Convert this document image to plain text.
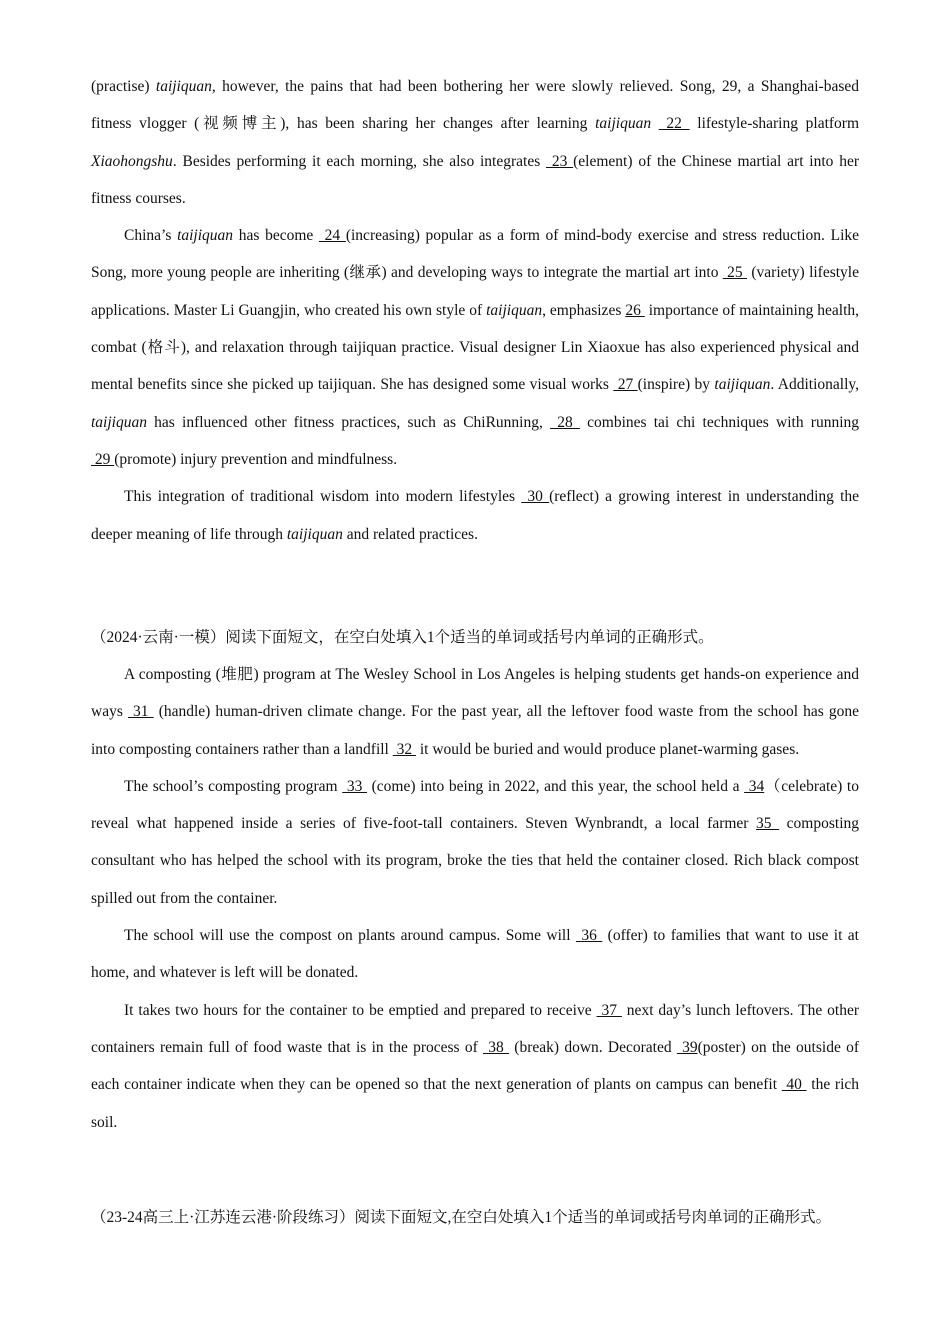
(practise) taijiquan, however, the pains that had been bothering her were slowly relieved. Song, 29, a Shanghai-based fitness vlogger (视频博主), has been sharing her changes after learning taijiquan  22  lifestyle-sharing platform Xiaohongshu. Besides performing it each morning, she also integrates  23 (element) of the Chinese martial art into her fitness courses.

China’s taijiquan has become  24 (increasing) popular as a form of mind-body exercise and stress reduction. Like Song, more young people are inheriting (继承) and developing ways to integrate the martial art into  25  (variety) lifestyle applications. Master Li Guangjin, who created his own style of taijiquan, emphasizes 26  importance of maintaining health, combat (格斗), and relaxation through taijiquan practice. Visual designer Lin Xiaoxue has also experienced physical and mental benefits since she picked up taijiquan. She has designed some visual works  27 (inspire) by taijiquan. Additionally, taijiquan has influenced other fitness practices, such as ChiRunning,  28  combines tai chi techniques with running  29 (promote) injury prevention and mindfulness.

This integration of traditional wisdom into modern lifestyles  30 (reflect) a growing interest in understanding the deeper meaning of life through taijiquan and related practices.

（2024·云南·一模）阅读下面短文，在空白处填入1个适当的单词或括号内单词的正确形式。

A composting (堆肥) program at The Wesley School in Los Angeles is helping students get hands-on experience and ways  31  (handle) human-driven climate change. For the past year, all the leftover food waste from the school has gone into composting containers rather than a landfill  32  it would be buried and would produce planet-warming gases.

The school’s composting program  33  (come) into being in 2022, and this year, the school held a  34（celebrate) to reveal what happened inside a series of five-foot-tall containers. Steven Wynbrandt, a local farmer 35  composting consultant who has helped the school with its program, broke the ties that held the container closed. Rich black compost spilled out from the container.

The school will use the compost on plants around campus. Some will  36  (offer) to families that want to use it at home, and whatever is left will be donated.

It takes two hours for the container to be emptied and prepared to receive  37  next day’s lunch leftovers. The other containers remain full of food waste that is in the process of  38  (break) down. Decorated  39(poster) on the outside of each container indicate when they can be opened so that the next generation of plants on campus can benefit  40  the rich soil.

（23-24高三上·江苏连云港·阶段练习）阅读下面短文,在空白处填入1个适当的单词或括号肉单词的正确形式。
